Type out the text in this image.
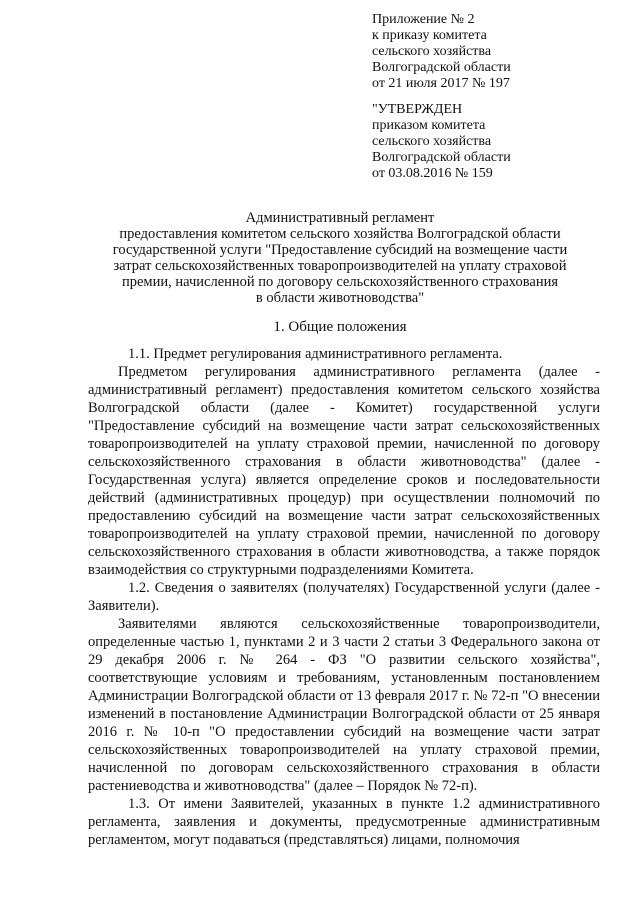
Приложение № 2
к приказу комитета
сельского хозяйства
Волгоградской области
от 21 июля 2017 № 197
"УТВЕРЖДЕН
приказом комитета
сельского хозяйства
Волгоградской области
от 03.08.2016 № 159
Административный регламент
предоставления комитетом сельского хозяйства Волгоградской области
государственной услуги "Предоставление субсидий на возмещение части
затрат сельскохозяйственных товаропроизводителей на уплату страховой
премии, начисленной по договору сельскохозяйственного страхования
в области животноводства"
1. Общие положения

1.1. Предмет регулирования административного регламента.

Предметом регулирования административного регламента (далее - административный регламент) предоставления комитетом сельского хозяйства Волгоградской области (далее - Комитет) государственной услуги "Предоставление субсидий на возмещение части затрат сельскохозяйственных товаропроизводителей на уплату страховой премии, начисленной по договору сельскохозяйственного страхования в области животноводства" (далее - Государственная услуга) является определение сроков и последовательности действий (административных процедур) при осуществлении полномочий по предоставлению субсидий на возмещение части затрат сельскохозяйственных товаропроизводителей на уплату страховой премии, начисленной по договору сельскохозяйственного страхования в области животноводства, а также порядок взаимодействия со структурными подразделениями Комитета.

1.2. Сведения о заявителях (получателях) Государственной услуги (далее - Заявители).

Заявителями являются сельскохозяйственные товаропроизводители, определенные частью 1, пунктами 2 и 3 части 2 статьи 3 Федерального закона от 29 декабря 2006 г. № 264 - ФЗ "О развитии сельского хозяйства", соответствующие условиям и требованиям, установленным постановлением Администрации Волгоградской области от 13 февраля 2017 г. № 72-п "О внесении изменений в постановление Администрации Волгоградской области от 25 января 2016 г. № 10-п "О предоставлении субсидий на возмещение части затрат сельскохозяйственных товаропроизводителей на уплату страховой премии, начисленной по договорам сельскохозяйственного страхования в области растениеводства и животноводства" (далее – Порядок № 72-п).

1.3. От имени Заявителей, указанных в пункте 1.2 административного регламента, заявления и документы, предусмотренные административным регламентом, могут подаваться (представляться) лицами, полномочия
